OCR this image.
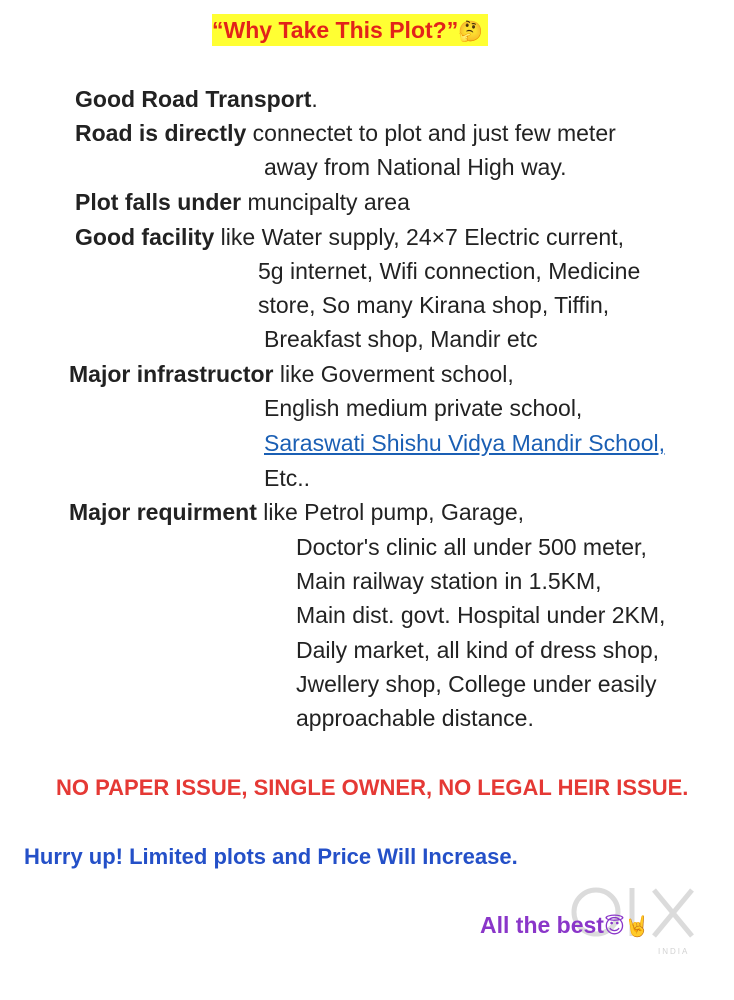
“Why Take This Plot?”🤔
Good Road Transport.
Road is directly connectet to plot and just few meter
away from National High way.
Plot falls under muncipalty area
Good facility like Water supply, 24×7 Electric current,
5g internet, Wifi connection, Medicine
store, So many Kirana shop, Tiffin,
Breakfast shop, Mandir etc
Major infrastructor like Goverment school,
English medium private school,
Saraswati Shishu Vidya Mandir School,
Etc..
Major requirment like Petrol pump, Garage,
Doctor's clinic all under 500 meter,
Main railway station in 1.5KM,
Main dist. govt. Hospital under 2KM,
Daily market, all kind of dress shop,
Jwellery shop, College under easily
approachable distance.
NO PAPER ISSUE, SINGLE OWNER, NO LEGAL HEIR ISSUE.
Hurry up! Limited plots and Price Will Increase.
INDIA
olx
All the best😇🤘
